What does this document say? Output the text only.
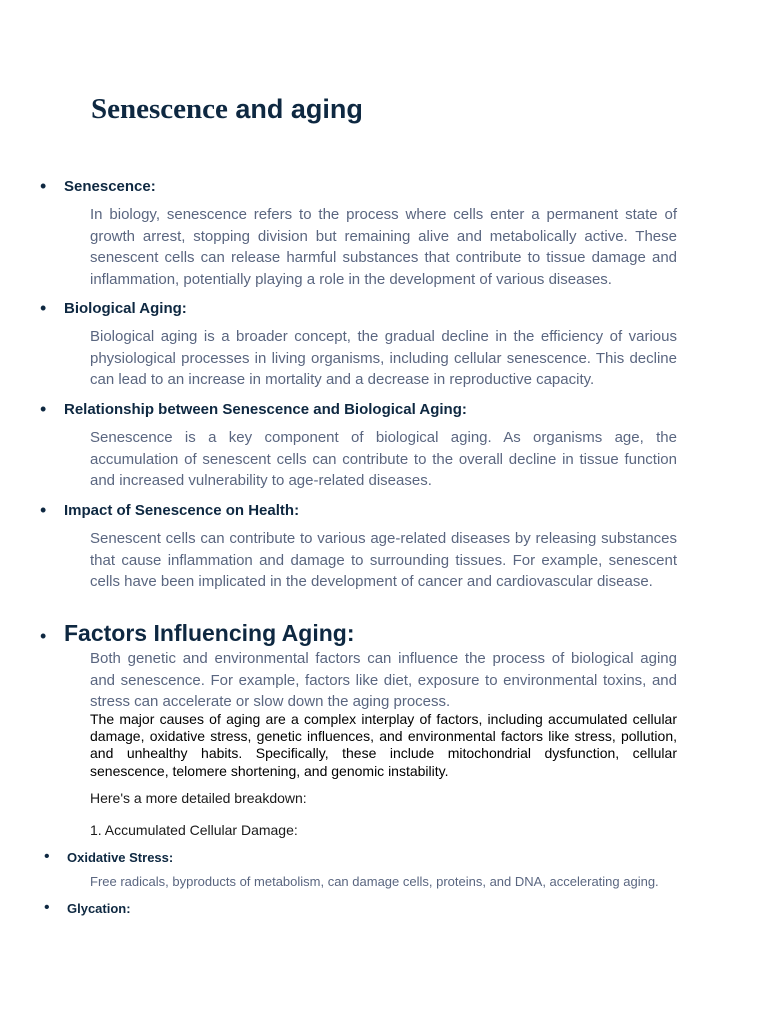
Senescence and aging
• Senescence:

In biology, senescence refers to the process where cells enter a permanent state of growth arrest, stopping division but remaining alive and metabolically active. These senescent cells can release harmful substances that contribute to tissue damage and inflammation, potentially playing a role in the development of various diseases.

• Biological Aging:

Biological aging is a broader concept, the gradual decline in the efficiency of various physiological processes in living organisms, including cellular senescence. This decline can lead to an increase in mortality and a decrease in reproductive capacity.

• Relationship between Senescence and Biological Aging:

Senescence is a key component of biological aging. As organisms age, the accumulation of senescent cells can contribute to the overall decline in tissue function and increased vulnerability to age-related diseases.

• Impact of Senescence on Health:

Senescent cells can contribute to various age-related diseases by releasing substances that cause inflammation and damage to surrounding tissues. For example, senescent cells have been implicated in the development of cancer and cardiovascular disease.

• Factors Influencing Aging:

Both genetic and environmental factors can influence the process of biological aging and senescence. For example, factors like diet, exposure to environmental toxins, and stress can accelerate or slow down the aging process.

The major causes of aging are a complex interplay of factors, including accumulated cellular damage, oxidative stress, genetic influences, and environmental factors like stress, pollution, and unhealthy habits. Specifically, these include mitochondrial dysfunction, cellular senescence, telomere shortening, and genomic instability.

Here's a more detailed breakdown:

1. Accumulated Cellular Damage:

• Oxidative Stress:

Free radicals, byproducts of metabolism, can damage cells, proteins, and DNA, accelerating aging.

• Glycation:
